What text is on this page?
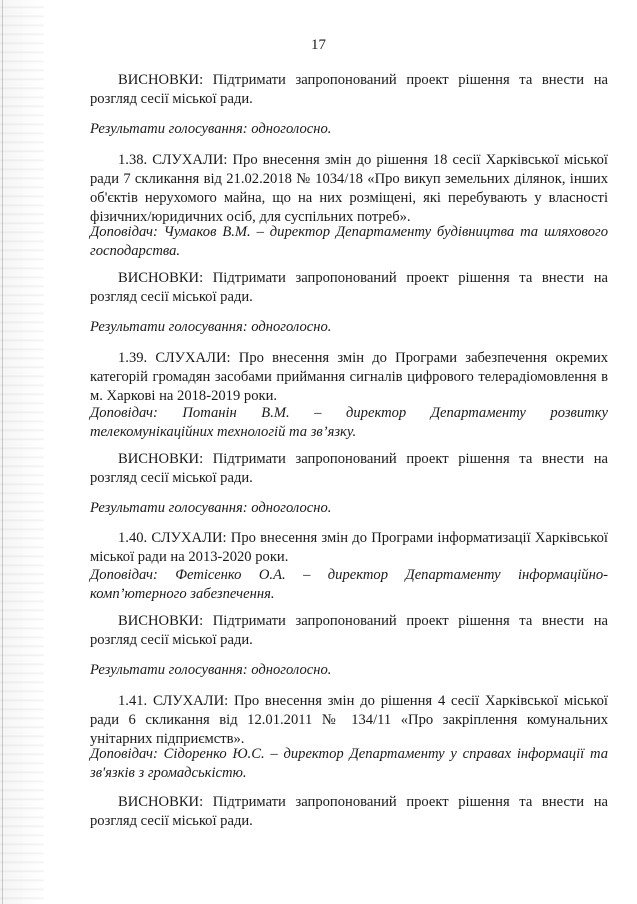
17
ВИСНОВКИ: Підтримати запропонований проект рішення та внести на розгляд сесії міської ради.
Результати голосування: одноголосно.
1.38. СЛУХАЛИ: Про внесення змін до рішення 18 сесії Харківської міської ради 7 скликання від 21.02.2018 № 1034/18 «Про викуп земельних ділянок, інших об'єктів нерухомого майна, що на них розміщені, які перебувають у власності фізичних/юридичних осіб, для суспільних потреб».
Доповідач: Чумаков В.М. – директор Департаменту будівництва та шляхового господарства.
ВИСНОВКИ: Підтримати запропонований проект рішення та внести на розгляд сесії міської ради.
Результати голосування: одноголосно.
1.39. СЛУХАЛИ: Про внесення змін до Програми забезпечення окремих категорій громадян засобами приймання сигналів цифрового телерадіомовлення в м. Харкові на 2018-2019 роки.
Доповідач: Потанін В.М. – директор Департаменту розвитку телекомунікаційних технологій та зв’язку.
ВИСНОВКИ: Підтримати запропонований проект рішення та внести на розгляд сесії міської ради.
Результати голосування: одноголосно.
1.40. СЛУХАЛИ: Про внесення змін до Програми інформатизації Харківської міської ради на 2013-2020 роки.
Доповідач: Фетісенко О.А. – директор Департаменту інформаційно-комп’ютерного забезпечення.
ВИСНОВКИ: Підтримати запропонований проект рішення та внести на розгляд сесії міської ради.
Результати голосування: одноголосно.
1.41. СЛУХАЛИ: Про внесення змін до рішення 4 сесії Харківської міської ради 6 скликання від 12.01.2011 № 134/11 «Про закріплення комунальних унітарних підприємств».
Доповідач: Сідоренко Ю.С. – директор Департаменту у справах інформації та зв'язків з громадськістю.
ВИСНОВКИ: Підтримати запропонований проект рішення та внести на розгляд сесії міської ради.
